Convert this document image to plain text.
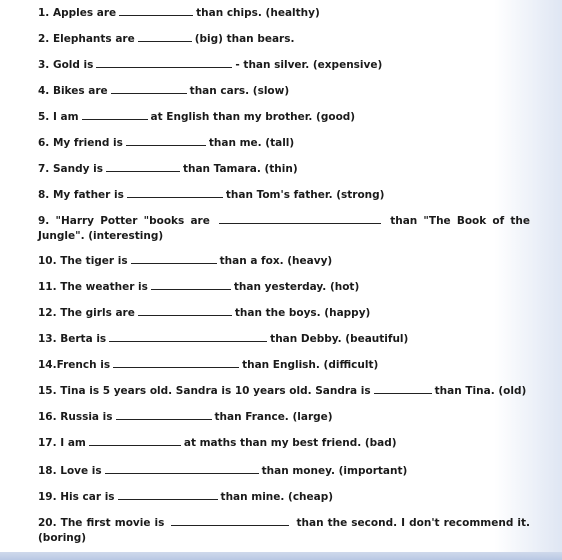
1. Apples are	than chips. (healthy)
2. Elephants are	(big) than bears.
3. Gold is	- than silver. (expensive)
4. Bikes are	than cars. (slow)
5. I am	at English than my brother. (good)
6. My friend is	than me. (tall)
7. Sandy is	than Tamara. (thin)
8. My father is	than Tom's father. (strong)
9. "Harry Potter "books are	than "The Book of the Jungle". (interesting)
10. The tiger is	than a fox. (heavy)
11. The weather is	than yesterday. (hot)
12. The girls are	than the boys. (happy)
13. Berta is	than Debby. (beautiful)
14.French is	than English. (difficult)
15. Tina is 5 years old. Sandra is 10 years old. Sandra is	than Tina. (old)
16. Russia is	than France. (large)
17. I am	at maths than my best friend. (bad)
18. Love is	than money. (important)
19. His car is	than mine. (cheap)
20. The first movie is	than the second. I don't recommend it. (boring)
